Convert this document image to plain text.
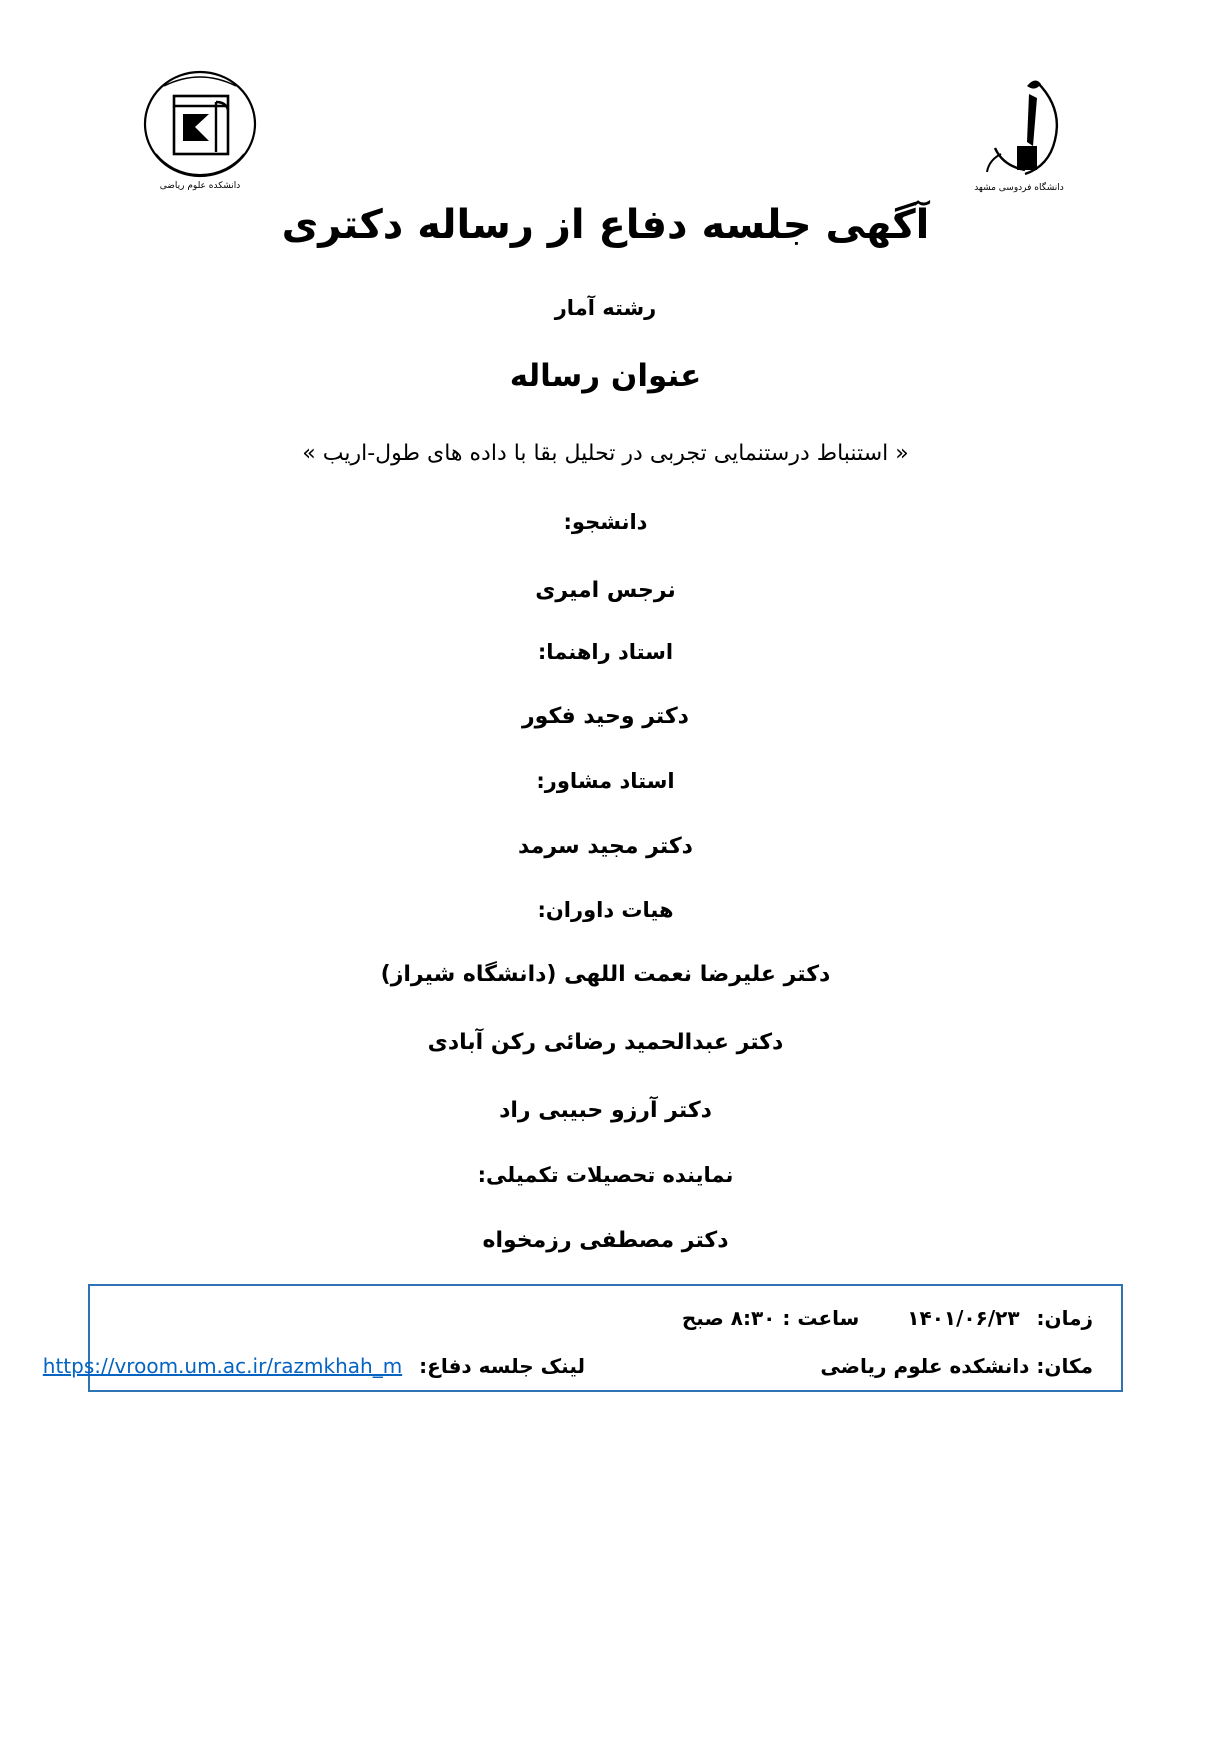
دانشکده علوم ریاضی	دانشگاه فردوسی مشهد
آگهی جلسه دفاع از رساله دکتری
رشته آمار
عنوان رساله
« استنباط درستنمایی تجربی در تحلیل بقا با داده های طول-اریب »
دانشجو:
نرجس امیری
استاد راهنما:
دکتر وحید فکور
استاد مشاور:
دکتر مجید سرمد
هیات داوران:
دکتر علیرضا نعمت اللهی (دانشگاه شیراز)
دکتر عبدالحمید رضائی رکن آبادی
دکتر آرزو حبیبی راد
نماینده تحصیلات تکمیلی:
دکتر مصطفی رزمخواه
زمان: ۱۴۰۱/۰۶/۲۳  ساعت : ۸:۳۰ صبح
مکان: دانشکده علوم ریاضی
لینک جلسه دفاع: https://vroom.um.ac.ir/razmkhah_m
